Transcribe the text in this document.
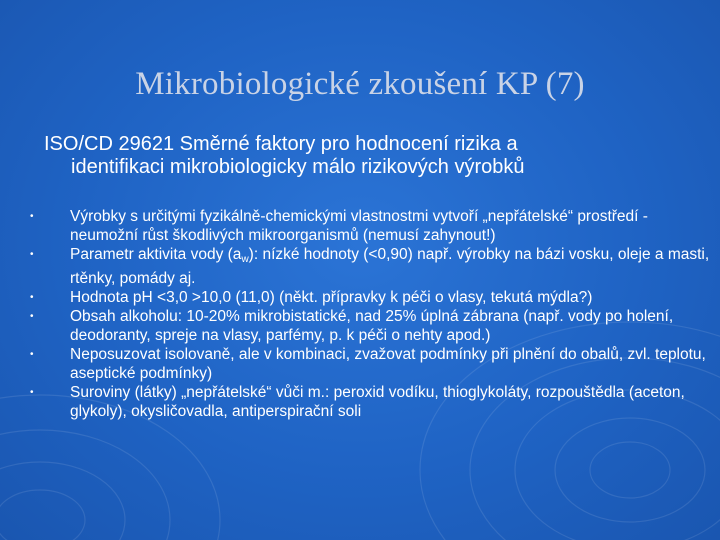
Mikrobiologické zkoušení KP (7)
ISO/CD 29621 Směrné faktory pro hodnocení rizika a
identifikaci mikrobiologicky málo rizikových výrobků
• Výrobky s určitými fyzikálně-chemickými vlastnostmi vytvoří „nepřátelské“ prostředí - neumožní růst škodlivých mikroorganismů (nemusí zahynout!)
• Parametr aktivita vody $(a_w)$: nízké hodnoty (<0,90) např. výrobky na bázi vosku, oleje a masti, rtěnky, pomády aj.
• Hodnota pH <3,0 >10,0 (11,0) (někt. přípravky k péči o vlasy, tekutá mýdla?)
• Obsah alkoholu: 10-20% mikrobistatické, nad 25% úplná zábrana (např. vody po holení, deodoranty, spreje na vlasy, parfémy, p. k péči o nehty apod.)
• Neposuzovat isolovaně, ale v kombinaci, zvažovat podmínky při plnění do obalů, zvl. teplotu, aseptické podmínky)
• Suroviny (látky) „nepřátelské“ vůči m.: peroxid vodíku, thioglykoláty, rozpouštědla (aceton, glykoly), okysličovadla, antiperspirační soli
